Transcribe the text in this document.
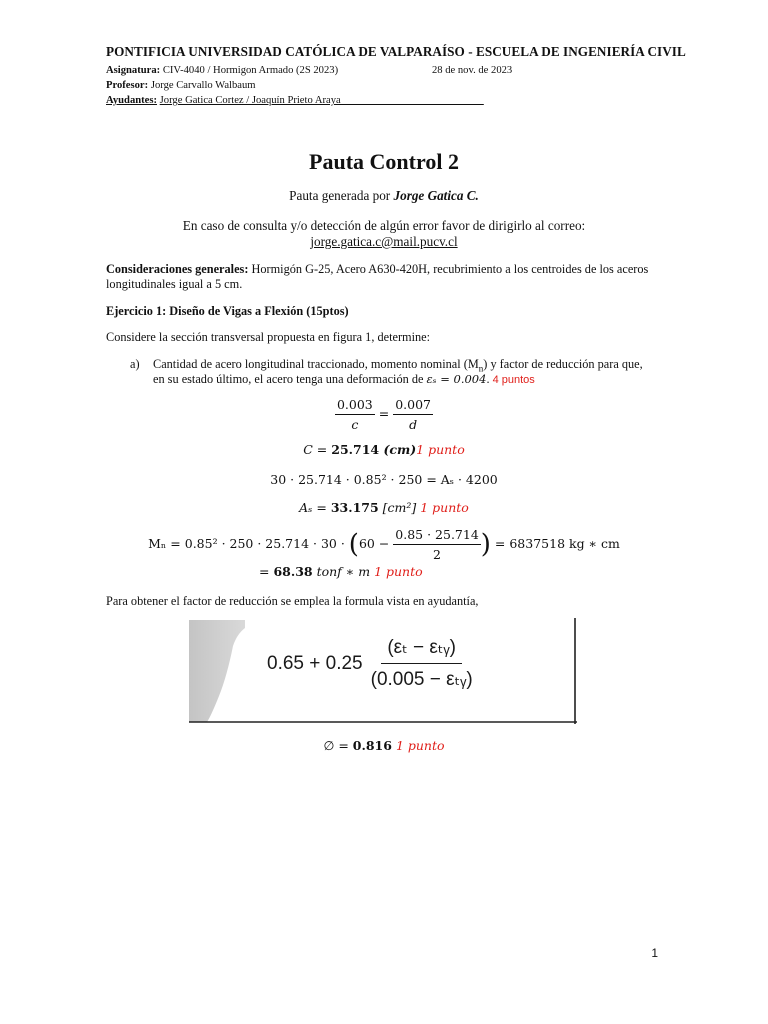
PONTIFICIA UNIVERSIDAD CATÓLICA DE VALPARAÍSO - ESCUELA DE INGENIERÍA CIVIL
Asignatura: CIV-4040 / Hormigon Armado (2S 2023)	28 de nov. de 2023
Profesor: Jorge Carvallo Walbaum
Ayudantes: Jorge Gatica Cortez / Joaquín Prieto Araya___________________________
Pauta Control 2
Pauta generada por Jorge Gatica C.
En caso de consulta y/o detección de algún error favor de dirigirlo al correo:
jorge.gatica.c@mail.pucv.cl
Consideraciones generales: Hormigón G-25, Acero A630-420H, recubrimiento a los centroides de los aceros
longitudinales igual a 5 cm.
Ejercicio 1: Diseño de Vigas a Flexión (15ptos)
Considere la sección transversal propuesta en figura 1, determine:
a) Cantidad de acero longitudinal traccionado, momento nominal $(M_n)$ y factor de reducción para que,
en su estado último, el acero tenga una deformación de εₛ = 0.004. 4 puntos
$\frac{0.003}{c} = \frac{0.007}{d}$
C = 25.714 (cm)1 punto
30 · 25.714 · 0.85² · 250 = Aₛ · 4200
Aₛ = 33.175 [cm²] 1 punto
$M_n = 0.85^2 \cdot 250 \cdot 25.714 \cdot 30 \cdot (60 - \frac{0.85 \cdot 25.714}{2}$ ) = 6837518 kg ∗ cm
= 68.38 tonf ∗ m 1 punto
Para obtener el factor de reducción se emplea la formula vista en ayudantía,
$0.65 + 0.25 \frac{\text{(εₜ − εₜᵧ)}}{\text{(0.005 − εₜᵧ)}}$
∅ = 0.816 1 punto
1
